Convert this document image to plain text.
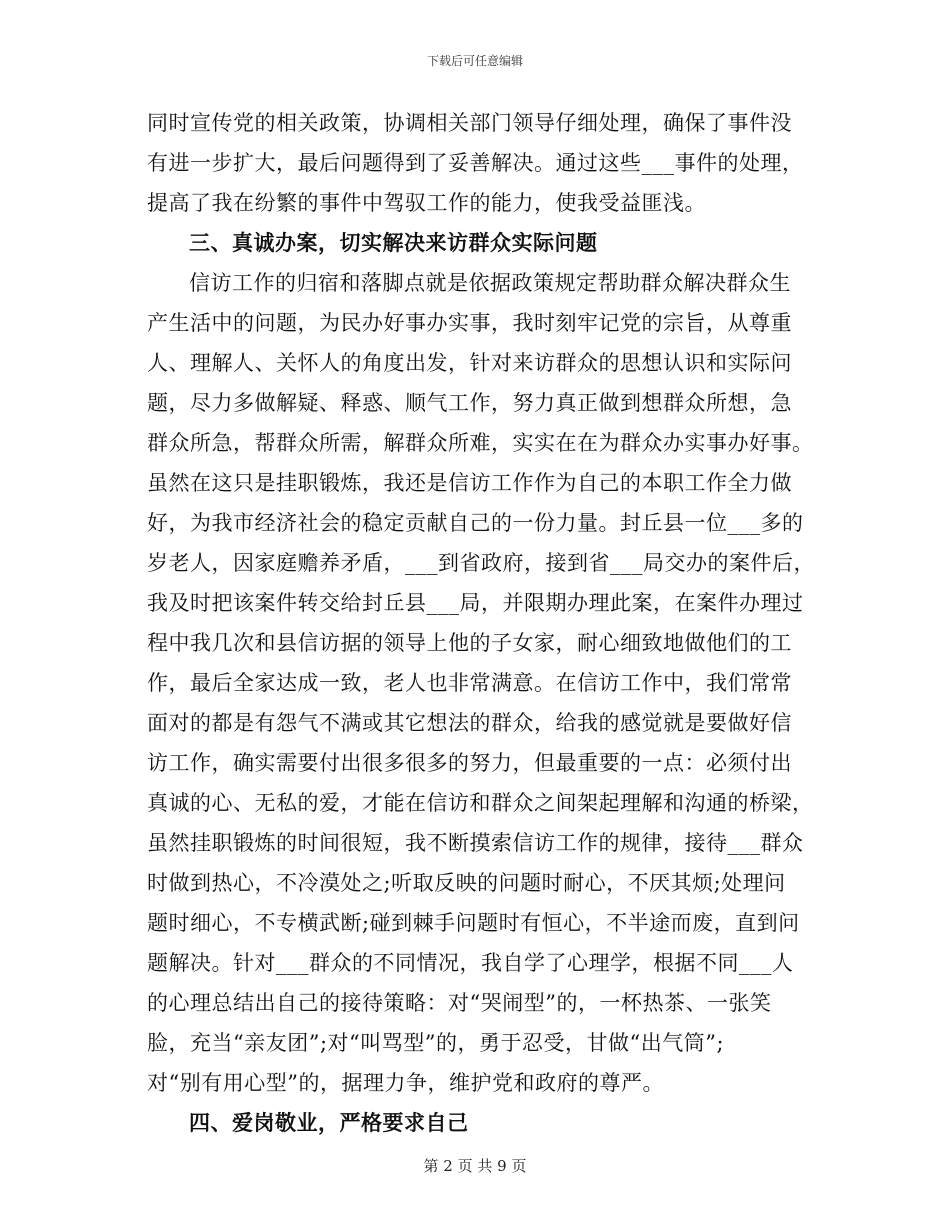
下载后可任意编辑
同时宣传党的相关政策，协调相关部门领导仔细处理，确保了事件没
有进一步扩大，最后问题得到了妥善解决。通过这些___事件的处理，
提高了我在纷繁的事件中驾驭工作的能力，使我受益匪浅。
三、真诚办案，切实解决来访群众实际问题
信访工作的归宿和落脚点就是依据政策规定帮助群众解决群众生
产生活中的问题，为民办好事办实事，我时刻牢记党的宗旨，从尊重
人、理解人、关怀人的角度出发，针对来访群众的思想认识和实际问
题，尽力多做解疑、释惑、顺气工作，努力真正做到想群众所想，急
群众所急，帮群众所需，解群众所难，实实在在为群众办实事办好事。
虽然在这只是挂职锻炼，我还是信访工作作为自己的本职工作全力做
好，为我市经济社会的稳定贡献自己的一份力量。封丘县一位___多的
岁老人，因家庭赡养矛盾，___到省政府，接到省___局交办的案件后，
我及时把该案件转交给封丘县___局，并限期办理此案，在案件办理过
程中我几次和县信访据的领导上他的子女家，耐心细致地做他们的工
作，最后全家达成一致，老人也非常满意。在信访工作中，我们常常
面对的都是有怨气不满或其它想法的群众，给我的感觉就是要做好信
访工作，确实需要付出很多很多的努力，但最重要的一点：必须付出
真诚的心、无私的爱，才能在信访和群众之间架起理解和沟通的桥梁，
虽然挂职锻炼的时间很短，我不断摸索信访工作的规律，接待___群众
时做到热心，不冷漠处之;听取反映的问题时耐心，不厌其烦;处理问
题时细心，不专横武断;碰到棘手问题时有恒心，不半途而废，直到问
题解决。针对___群众的不同情况，我自学了心理学，根据不同___人
的心理总结出自己的接待策略：对“哭闹型”的，一杯热茶、一张笑
脸，充当“亲友团”;对“叫骂型”的，勇于忍受，甘做“出气筒”;
对“别有用心型”的，据理力争，维护党和政府的尊严。
四、爱岗敬业，严格要求自己
第 2 页 共 9 页
